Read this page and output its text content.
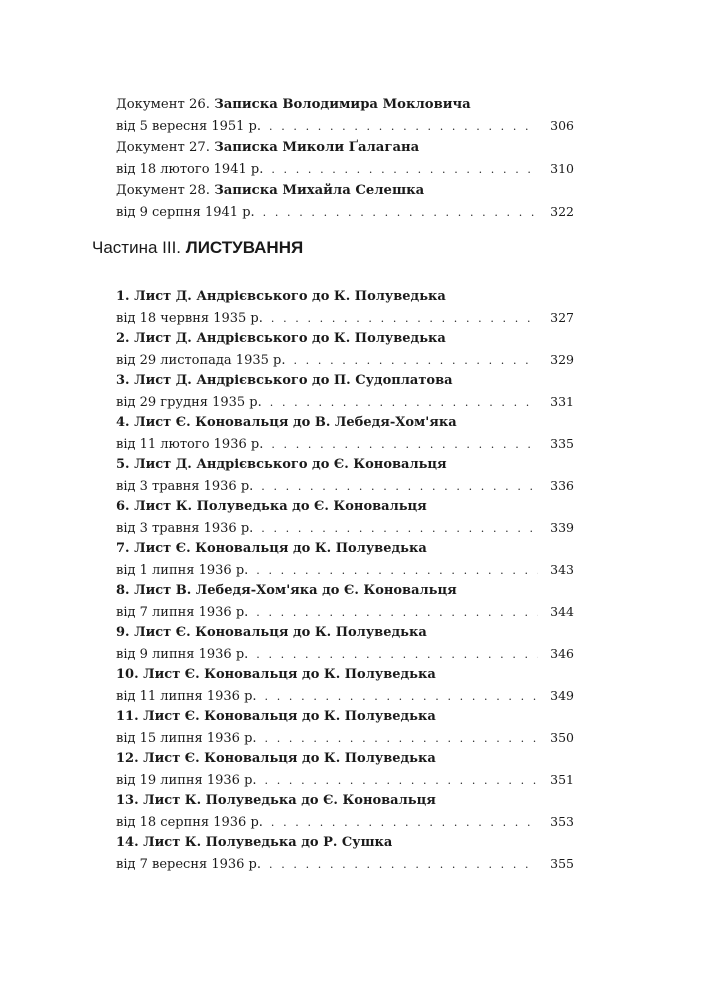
Документ 26. Записка Володимира Мокловича
від 5 вересня 1951 р. . . .	306
Документ 27. Записка Миколи Ґалагана
від 18 лютого 1941 р. . . .	310
Документ 28. Записка Михайла Селешка
від 9 серпня 1941 р. . . .	322
Частина III. ЛИСТУВАННЯ
1. Лист Д. Андрієвського до К. Полуведька
від 18 червня 1935 р. . . .	327
2. Лист Д. Андрієвського до К. Полуведька
від 29 листопада 1935 р. . . .	329
3. Лист Д. Андрієвського до П. Судоплатова
від 29 грудня 1935 р. . . .	331
4. Лист Є. Коновальця до В. Лебедя-Хом'яка
від 11 лютого 1936 р. . . .	335
5. Лист Д. Андрієвського до Є. Коновальця
від 3 травня 1936 р. . . .	336
6. Лист К. Полуведька до Є. Коновальця
від 3 травня 1936 р. . . .	339
7. Лист Є. Коновальця до К. Полуведька
від 1 липня 1936 р. . . .	343
8. Лист В. Лебедя-Хом'яка до Є. Коновальця
від 7 липня 1936 р. . . .	344
9. Лист Є. Коновальця до К. Полуведька
від 9 липня 1936 р. . . .	346
10. Лист Є. Коновальця до К. Полуведька
від 11 липня 1936 р. . . .	349
11. Лист Є. Коновальця до К. Полуведька
від 15 липня 1936 р. . . .	350
12. Лист Є. Коновальця до К. Полуведька
від 19 липня 1936 р. . . .	351
13. Лист К. Полуведька до Є. Коновальця
від 18 серпня 1936 р. . . .	353
14. Лист К. Полуведька до Р. Сушка
від 7 вересня 1936 р. . . .	355
